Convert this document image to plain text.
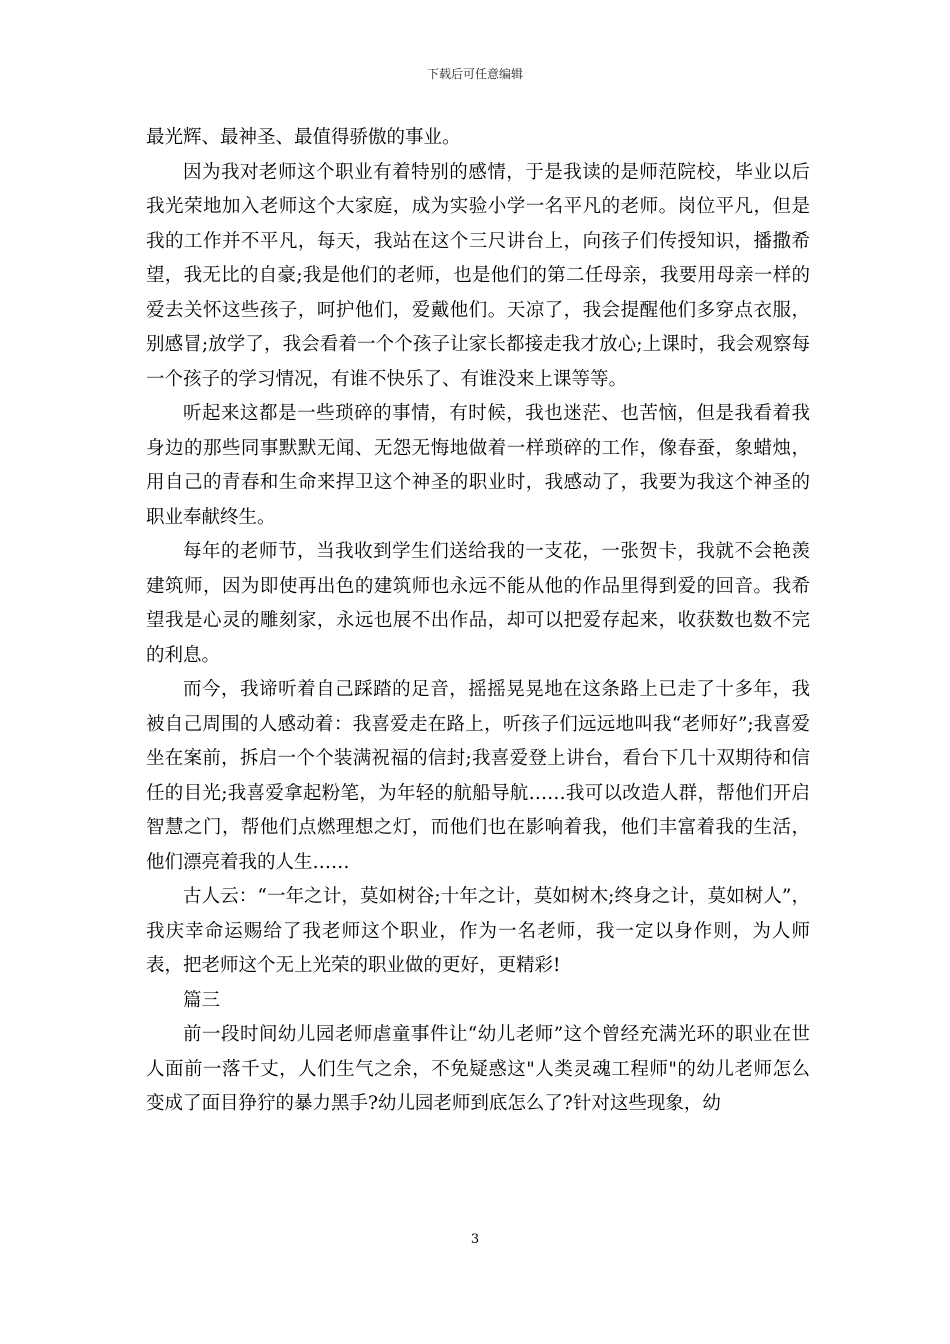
下载后可任意编辑

最光辉、最神圣、最值得骄傲的事业。

因为我对老师这个职业有着特别的感情，于是我读的是师范院校，毕业以后我光荣地加入老师这个大家庭，成为实验小学一名平凡的老师。岗位平凡，但是我的工作并不平凡，每天，我站在这个三尺讲台上，向孩子们传授知识，播撒希望，我无比的自豪;我是他们的老师，也是他们的第二任母亲，我要用母亲一样的爱去关怀这些孩子，呵护他们，爱戴他们。天凉了，我会提醒他们多穿点衣服，别感冒;放学了，我会看着一个个孩子让家长都接走我才放心;上课时，我会观察每一个孩子的学习情况，有谁不快乐了、有谁没来上课等等。

听起来这都是一些琐碎的事情，有时候，我也迷茫、也苦恼，但是我看着我身边的那些同事默默无闻、无怨无悔地做着一样琐碎的工作，像春蚕，象蜡烛，用自己的青春和生命来捍卫这个神圣的职业时，我感动了，我要为我这个神圣的职业奉献终生。

每年的老师节，当我收到学生们送给我的一支花，一张贺卡，我就不会艳羡建筑师，因为即使再出色的建筑师也永远不能从他的作品里得到爱的回音。我希望我是心灵的雕刻家，永远也展不出作品，却可以把爱存起来，收获数也数不完的利息。

而今，我谛听着自己踩踏的足音，摇摇晃晃地在这条路上已走了十多年，我被自己周围的人感动着：我喜爱走在路上，听孩子们远远地叫我“老师好”;我喜爱坐在案前，拆启一个个装满祝福的信封;我喜爱登上讲台，看台下几十双期待和信任的目光;我喜爱拿起粉笔，为年轻的航船导航……我可以改造人群，帮他们开启智慧之门，帮他们点燃理想之灯，而他们也在影响着我，他们丰富着我的生活，他们漂亮着我的人生……

古人云：“一年之计，莫如树谷;十年之计，莫如树木;终身之计，莫如树人”，我庆幸命运赐给了我老师这个职业，作为一名老师，我一定以身作则，为人师表，把老师这个无上光荣的职业做的更好，更精彩!

篇三

前一段时间幼儿园老师虐童事件让“幼儿老师”这个曾经充满光环的职业在世人面前一落千丈，人们生气之余，不免疑惑这"人类灵魂工程师"的幼儿老师怎么变成了面目狰狞的暴力黑手?幼儿园老师到底怎么了?针对这些现象，幼

3
